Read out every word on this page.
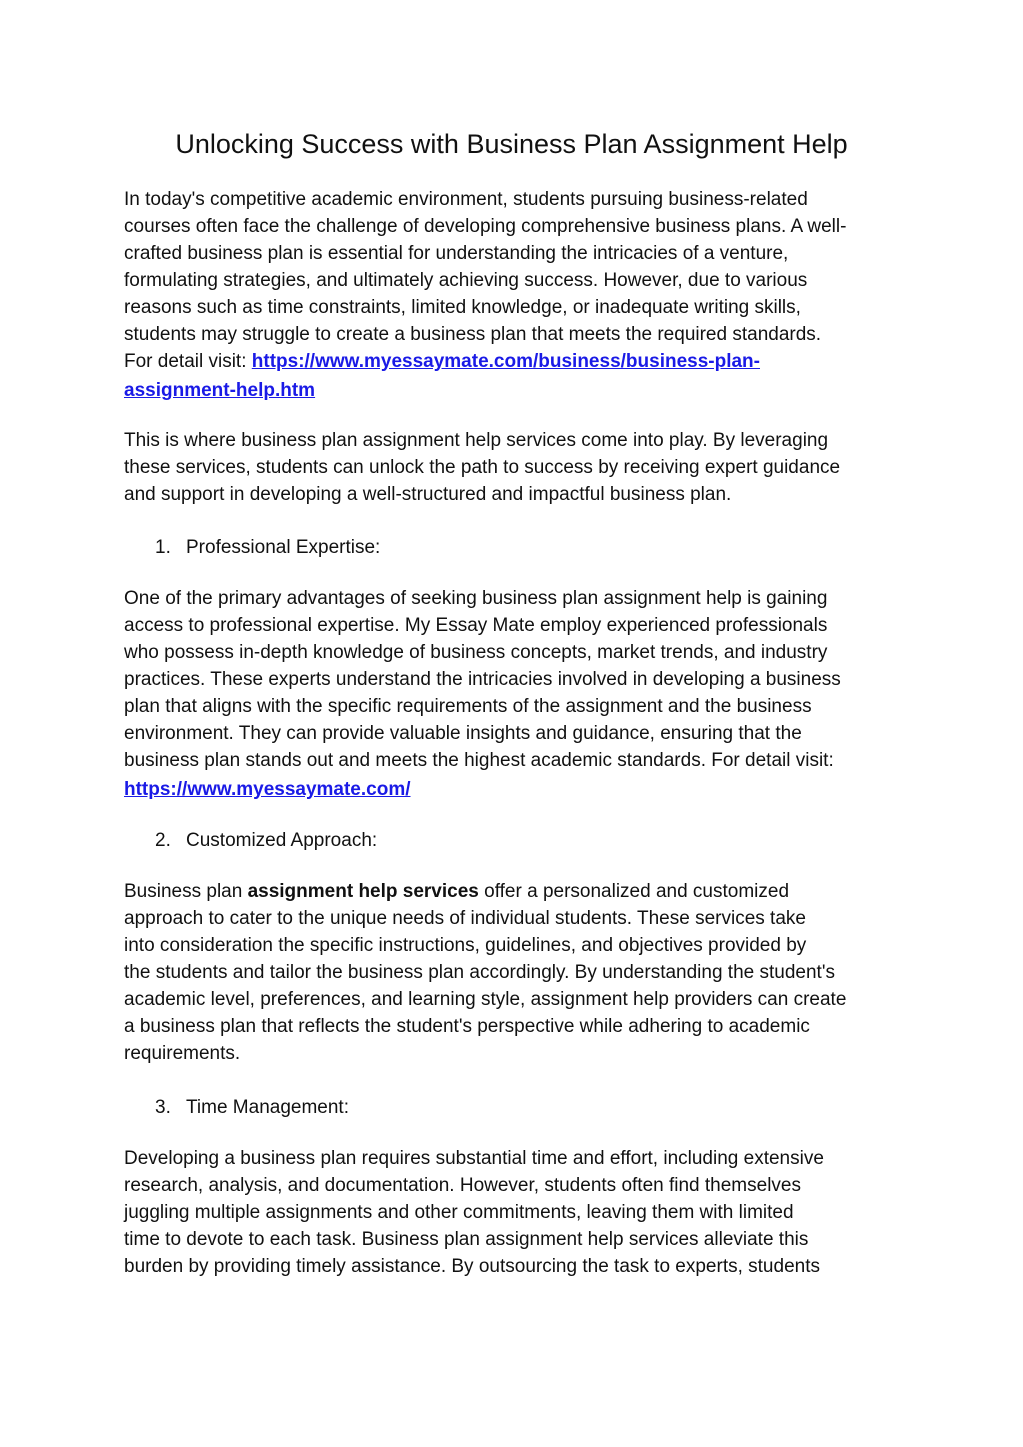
Unlocking Success with Business Plan Assignment Help
In today's competitive academic environment, students pursuing business-related
courses often face the challenge of developing comprehensive business plans. A well-
crafted business plan is essential for understanding the intricacies of a venture,
formulating strategies, and ultimately achieving success. However, due to various
reasons such as time constraints, limited knowledge, or inadequate writing skills,
students may struggle to create a business plan that meets the required standards.
For detail visit: https://www.myessaymate.com/business/business-plan-
assignment-help.htm
This is where business plan assignment help services come into play. By leveraging
these services, students can unlock the path to success by receiving expert guidance
and support in developing a well-structured and impactful business plan.
1. Professional Expertise:
One of the primary advantages of seeking business plan assignment help is gaining
access to professional expertise. My Essay Mate employ experienced professionals
who possess in-depth knowledge of business concepts, market trends, and industry
practices. These experts understand the intricacies involved in developing a business
plan that aligns with the specific requirements of the assignment and the business
environment. They can provide valuable insights and guidance, ensuring that the
business plan stands out and meets the highest academic standards. For detail visit:
https://www.myessaymate.com/
2. Customized Approach:
Business plan assignment help services offer a personalized and customized
approach to cater to the unique needs of individual students. These services take
into consideration the specific instructions, guidelines, and objectives provided by
the students and tailor the business plan accordingly. By understanding the student's
academic level, preferences, and learning style, assignment help providers can create
a business plan that reflects the student's perspective while adhering to academic
requirements.
3. Time Management:
Developing a business plan requires substantial time and effort, including extensive
research, analysis, and documentation. However, students often find themselves
juggling multiple assignments and other commitments, leaving them with limited
time to devote to each task. Business plan assignment help services alleviate this
burden by providing timely assistance. By outsourcing the task to experts, students
